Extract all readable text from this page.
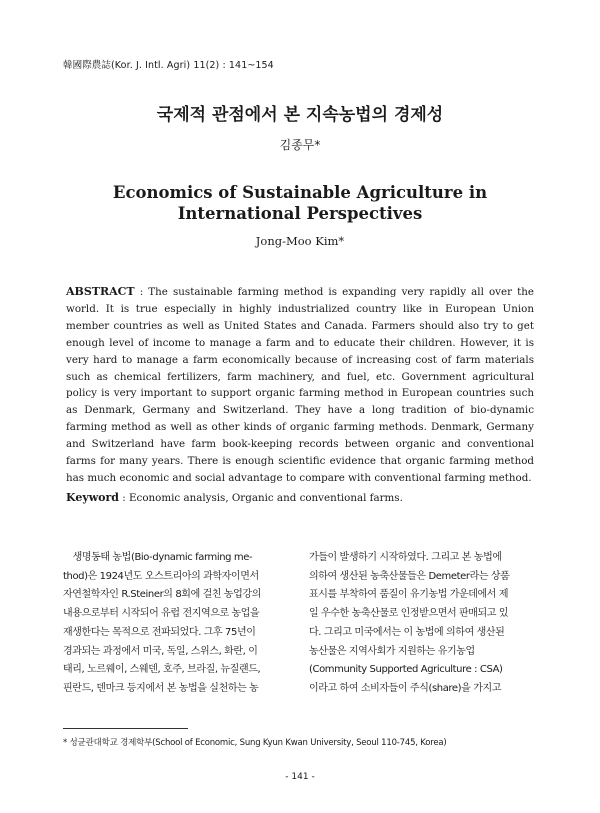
韓國際農誌(Kor. J. Intl. Agri) 11(2) : 141~154
국제적 관점에서 본 지속농법의 경제성
김종무*
Economics of Sustainable Agriculture in
International Perspectives
Jong-Moo Kim*
ABSTRACT : The sustainable farming method is expanding very rapidly all over the world. It is true especially in highly industrialized country like in European Union member countries as well as United States and Canada. Farmers should also try to get enough level of income to manage a farm and to educate their children. However, it is very hard to manage a farm economically because of increasing cost of farm materials such as chemical fertilizers, farm machinery, and fuel, etc. Government agricultural policy is very important to support organic farming method in European countries such as Denmark, Germany and Switzerland. They have a long tradition of bio-dynamic farming method as well as other kinds of organic farming methods. Denmark, Germany and Switzerland have farm book-keeping records between organic and conventional farms for many years. There is enough scientific evidence that organic farming method has much economic and social advantage to compare with conventional farming method.
Keyword : Economic analysis, Organic and conventional farms.
　생명동태 농법(Bio-dynamic farming me-
thod)은 1924년도 오스트리아의 과학자이면서
자연철학자인 R.Steiner의 8회에 걸친 농업강의
내용으로부터 시작되어 유럽 전지역으로 농업을
재생한다는 목적으로 전파되었다. 그후 75년이
경과되는 과정에서 미국, 독일, 스위스, 화란, 이
태리, 노르웨이, 스웨덴, 호주, 브라질, 뉴질랜드,
핀란드, 덴마크 등지에서 본 농법을 실천하는 농
가들이 발생하기 시작하였다. 그리고 본 농법에
의하여 생산된 농축산물들은 Demeter라는 상품
표시를 부착하여 품질이 유기농법 가운데에서 제
일 우수한 농축산물로 인정받으면서 판매되고 있
다. 그리고 미국에서는 이 농법에 의하여 생산된
농산물은 지역사회가 지원하는 유기농업
(Community Supported Agriculture : CSA)
이라고 하여 소비자들이 주식(share)을 가지고
* 성균관대학교 경제학부(School of Economic, Sung Kyun Kwan University, Seoul 110-745, Korea)
- 141 -
